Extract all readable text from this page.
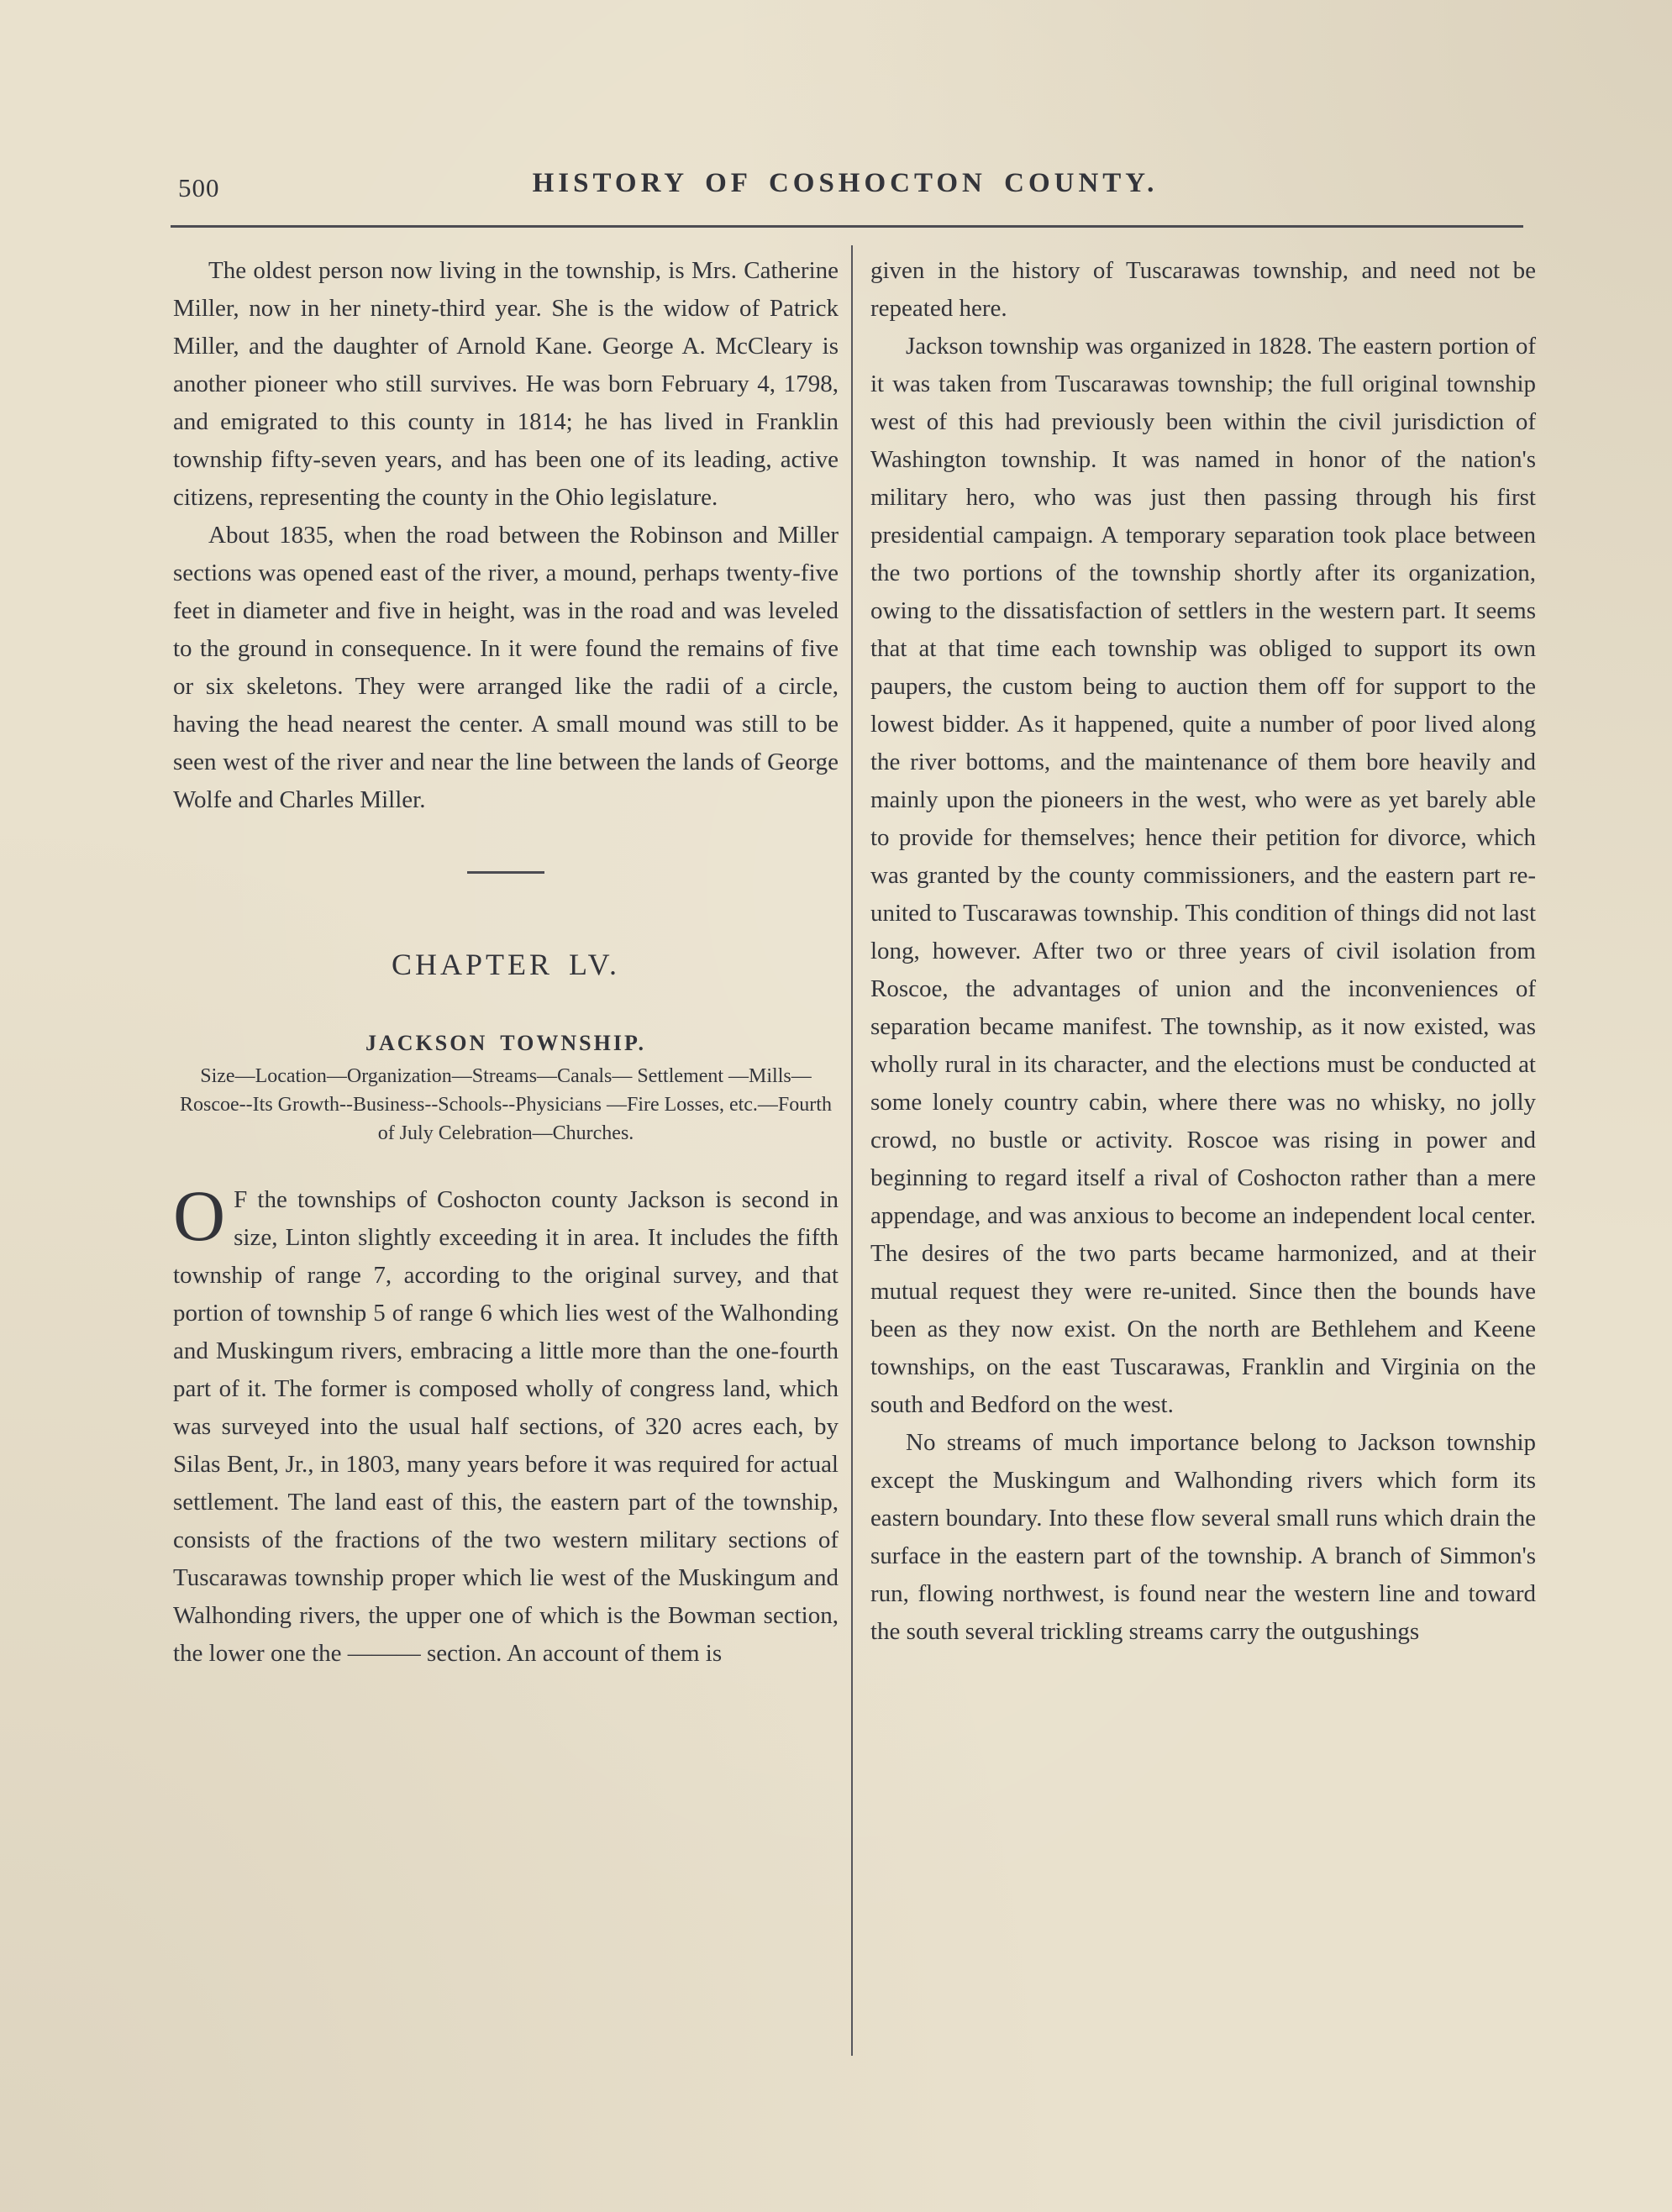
500	HISTORY OF COSHOCTON COUNTY.

The oldest person now living in the township, is Mrs. Catherine Miller, now in her ninety-third year. She is the widow of Patrick Miller, and the daughter of Arnold Kane. George A. McCleary is another pioneer who still survives. He was born February 4, 1798, and emigrated to this county in 1814; he has lived in Franklin township fifty-seven years, and has been one of its leading, active citizens, representing the county in the Ohio legislature.

About 1835, when the road between the Robinson and Miller sections was opened east of the river, a mound, perhaps twenty-five feet in diameter and five in height, was in the road and was leveled to the ground in consequence. In it were found the remains of five or six skeletons. They were arranged like the radii of a circle, having the head nearest the center. A small mound was still to be seen west of the river and near the line between the lands of George Wolfe and Charles Miller.

CHAPTER LV.
JACKSON TOWNSHIP.

Size—Location—Organization—Streams—Canals— Settlement —Mills—Roscoe--Its Growth--Business--Schools--Physicians —Fire Losses, etc.—Fourth of July Celebration—Churches.

O F the townships of Coshocton county Jackson is second in size, Linton slightly exceeding it in area. It includes the fifth township of range 7, according to the original survey, and that portion of township 5 of range 6 which lies west of the Walhonding and Muskingum rivers, embracing a little more than the one-fourth part of it. The former is composed wholly of congress land, which was surveyed into the usual half sections, of 320 acres each, by Silas Bent, Jr., in 1803, many years before it was required for actual settlement. The land east of this, the eastern part of the township, consists of the fractions of the two western military sections of Tuscarawas township proper which lie west of the Muskingum and Walhonding rivers, the upper one of which is the Bowman section, the lower one the ——— section. An account of them is

given in the history of Tuscarawas township, and need not be repeated here.

Jackson township was organized in 1828. The eastern portion of it was taken from Tuscarawas township; the full original township west of this had previously been within the civil jurisdiction of Washington township. It was named in honor of the nation's military hero, who was just then passing through his first presidential campaign. A temporary separation took place between the two portions of the township shortly after its organization, owing to the dissatisfaction of settlers in the western part. It seems that at that time each township was obliged to support its own paupers, the custom being to auction them off for support to the lowest bidder. As it happened, quite a number of poor lived along the river bottoms, and the maintenance of them bore heavily and mainly upon the pioneers in the west, who were as yet barely able to provide for themselves; hence their petition for divorce, which was granted by the county commissioners, and the eastern part re-united to Tuscarawas township. This condition of things did not last long, however. After two or three years of civil isolation from Roscoe, the advantages of union and the inconveniences of separation became manifest. The township, as it now existed, was wholly rural in its character, and the elections must be conducted at some lonely country cabin, where there was no whisky, no jolly crowd, no bustle or activity. Roscoe was rising in power and beginning to regard itself a rival of Coshocton rather than a mere appendage, and was anxious to become an independent local center. The desires of the two parts became harmonized, and at their mutual request they were re-united. Since then the bounds have been as they now exist. On the north are Bethlehem and Keene townships, on the east Tuscarawas, Franklin and Virginia on the south and Bedford on the west.

No streams of much importance belong to Jackson township except the Muskingum and Walhonding rivers which form its eastern boundary. Into these flow several small runs which drain the surface in the eastern part of the township. A branch of Simmon's run, flowing northwest, is found near the western line and toward the south several trickling streams carry the outgushings
